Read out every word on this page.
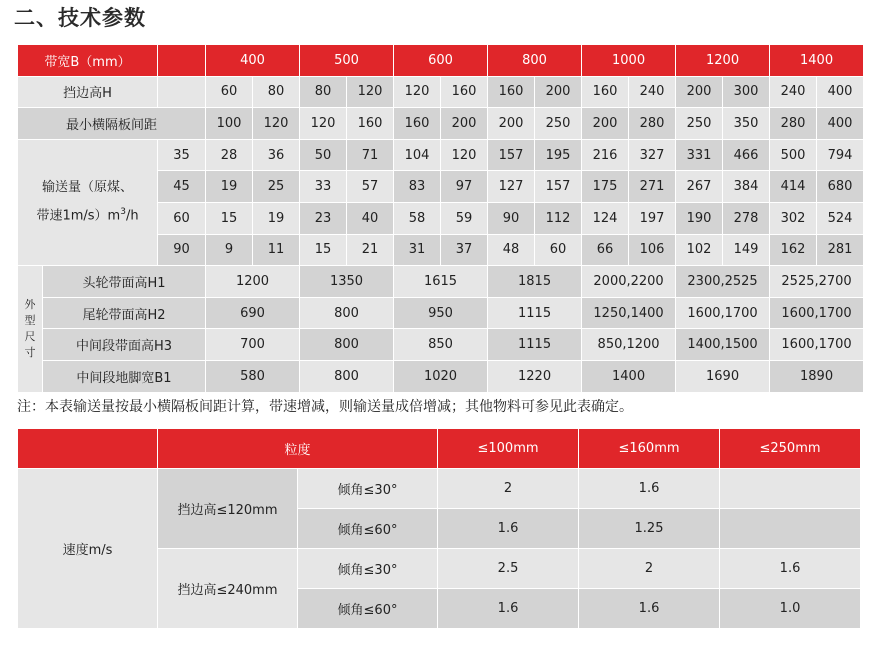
二、技术参数
带宽B（mm）			400		500		600		800		1000		1200		1400	
挡边高H			60	80	80	120	120	160	160	200	160	240	200	300	240	400
最小横隔板间距			100	120	120	160	160	200	200	250	200	280	250	350	280	400

输送量（原煤、
带速$1m/s)m^3/h$		35	28	36	50	71	104	120	157	195	216	327	331	466	500	794
		45	19	25	33	57	83	97	127	157	175	271	267	384	414	680
		60	15	19	23	40	58	59	90	112	124	197	190	278	302	524
		90	9	11	15	21	31	37	48	60	66	106	102	149	162	281

外型尺寸	头轮带面高H1		1200		1350		1615		1815		2000,2200		2300,2525		2525,2700	
	尾轮带面高H2		690		800		950		1115		1250,1400		1600,1700		1600,1700	
	中间段带面高H3		700		800		850		1115		850,1200		1400,1500		1600,1700	
	中间段地脚宽B1		580		800		1020		1220		1400		1690		1890	
注：本表输送量按最小横隔板间距计算，带速增减，则输送量成倍增减；其他物料可参见此表确定。
	粒度		≤100mm	≤160mm	≤250mm
速度m/s	挡边高≤120mm	倾角≤30°	2	1.6	
		倾角≤60°	1.6	1.25	
	挡边高≤240mm	倾角≤30°	2.5	2	1.6
		倾角≤60°	1.6	1.6	1.0
